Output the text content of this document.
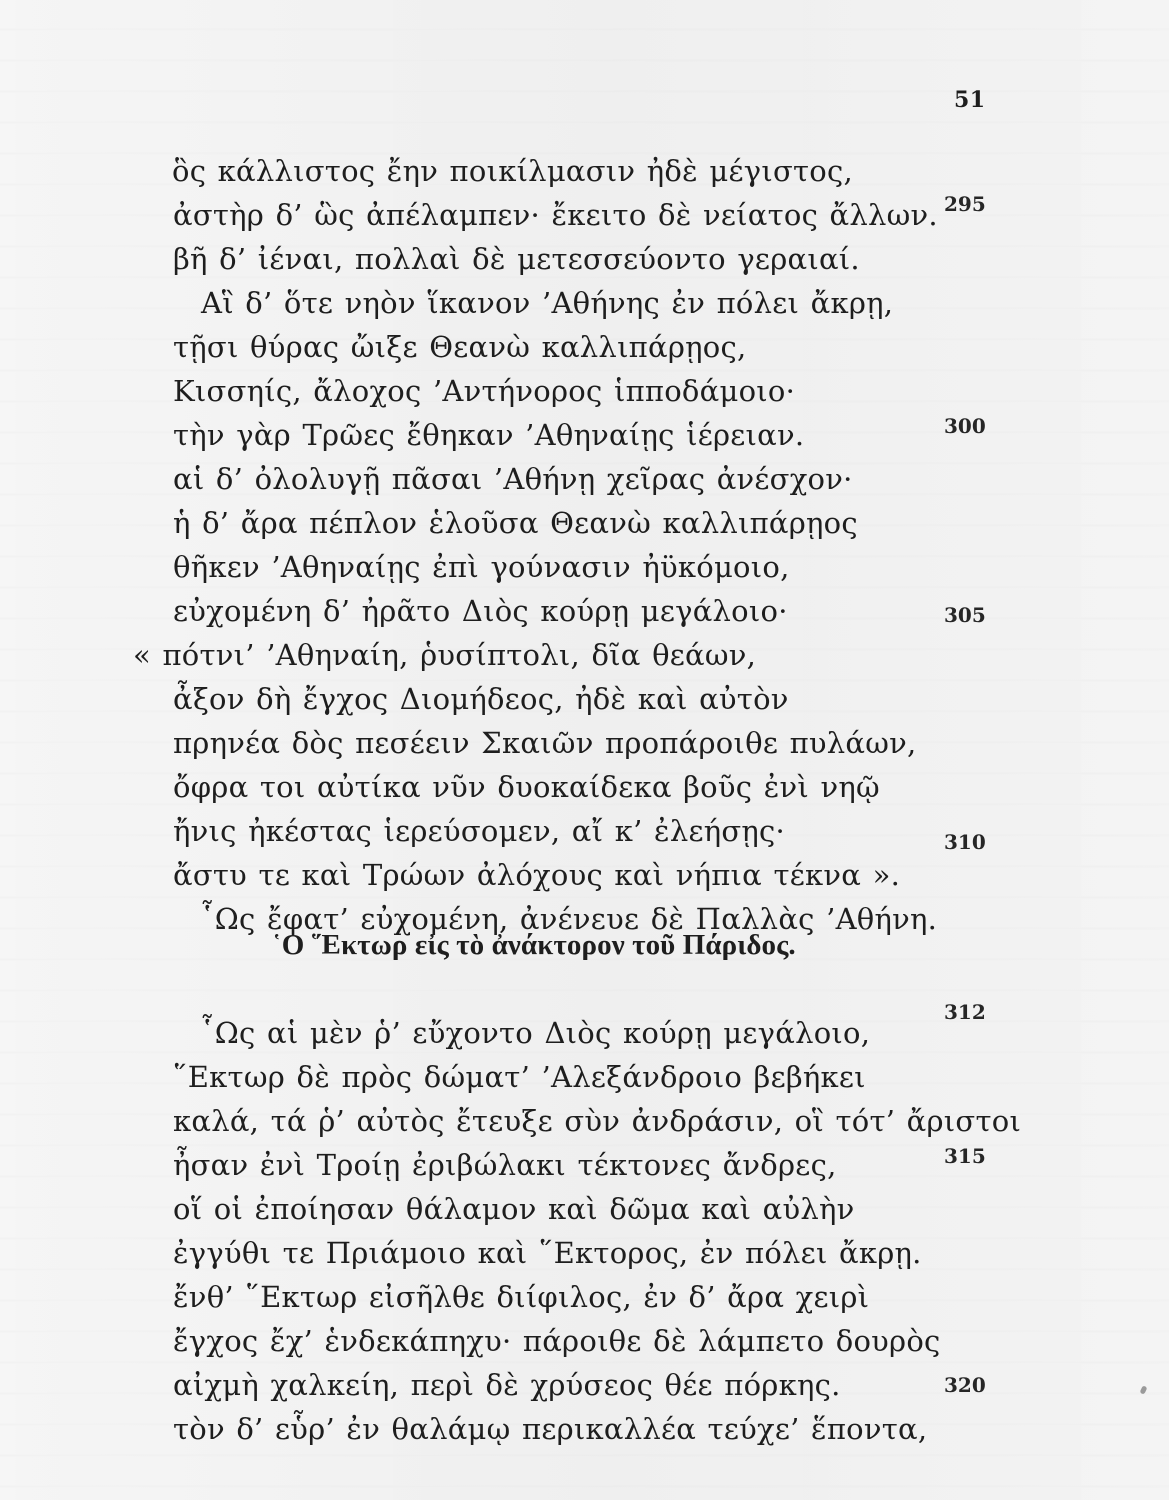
51
ὃς κάλλιστος ἔην ποικίλμασιν ἠδὲ μέγιστος,
ἀστὴρ δ’ ὣς ἀπέλαμπεν· ἔκειτο δὲ νείατος ἄλλων.
βῆ δ’ ἰέναι, πολλαὶ δὲ μετεσσεύοντο γεραιαί.
Αἳ δ’ ὅτε νηὸν ἵκανον ’Αθήνης ἐν πόλει ἄκρῃ,
τῇσι θύρας ὤιξε Θεανὼ καλλιπάρῃος,
Κισσηίς, ἄλοχος ’Αντήνορος ἱπποδάμοιο·
τὴν γὰρ Τρῶες ἔθηκαν ’Αθηναίῃς ἱέρειαν.
αἱ δ’ ὀλολυγῇ πᾶσαι ’Αθήνῃ χεῖρας ἀνέσχον·
ἡ δ’ ἄρα πέπλον ἑλοῦσα Θεανὼ καλλιπάρῃος
θῆκεν ’Αθηναίῃς ἐπὶ γούνασιν ἠϋκόμοιο,
εὐχομένη δ’ ἠρᾶτο Διὸς κούρῃ μεγάλοιο·
« πότνι’ ’Αθηναίη, ῥυσίπτολι, δῖα θεάων,
ἆξον δὴ ἔγχος Διομήδεος, ἠδὲ καὶ αὐτὸν
πρηνέα δὸς πεσέειν Σκαιῶν προπάροιθε πυλάων,
ὄφρα τοι αὐτίκα νῦν δυοκαίδεκα βοῦς ἐνὶ νηῷ
ἤνις ἠκέστας ἱερεύσομεν, αἴ κ’ ἐλεήσῃς·
ἄστυ τε καὶ Τρώων ἀλόχους καὶ νήπια τέκνα ».
῟Ως ἔφατ’ εὐχομένη, ἀνένευε δὲ Παλλὰς ’Αθήνη.
295
300
305
310
῾Ο ῞Εκτωρ εἰς τὸ ἀνάκτορον τοῦ Πάριδος.
῟Ως αἱ μὲν ῥ’ εὔχοντο Διὸς κούρῃ μεγάλοιο,
῞Εκτωρ δὲ πρὸς δώματ’ ’Αλεξάνδροιο βεβήκει
καλά, τά ῥ’ αὐτὸς ἔτευξε σὺν ἀνδράσιν, οἳ τότ’ ἄριστοι
ἦσαν ἐνὶ Τροίῃ ἐριβώλακι τέκτονες ἄνδρες,
οἵ οἱ ἐποίησαν θάλαμον καὶ δῶμα καὶ αὐλὴν
ἐγγύθι τε Πριάμοιο καὶ ῞Εκτορος, ἐν πόλει ἄκρῃ.
ἔνθ’ ῞Εκτωρ εἰσῆλθε διίφιλος, ἐν δ’ ἄρα χειρὶ
ἔγχος ἔχ’ ἑνδεκάπηχυ· πάροιθε δὲ λάμπετο δουρὸς
αἰχμὴ χαλκείη, περὶ δὲ χρύσεος θέε πόρκης.
τὸν δ’ εὗρ’ ἐν θαλάμῳ περικαλλέα τεύχε’ ἕποντα,
312
315
320
